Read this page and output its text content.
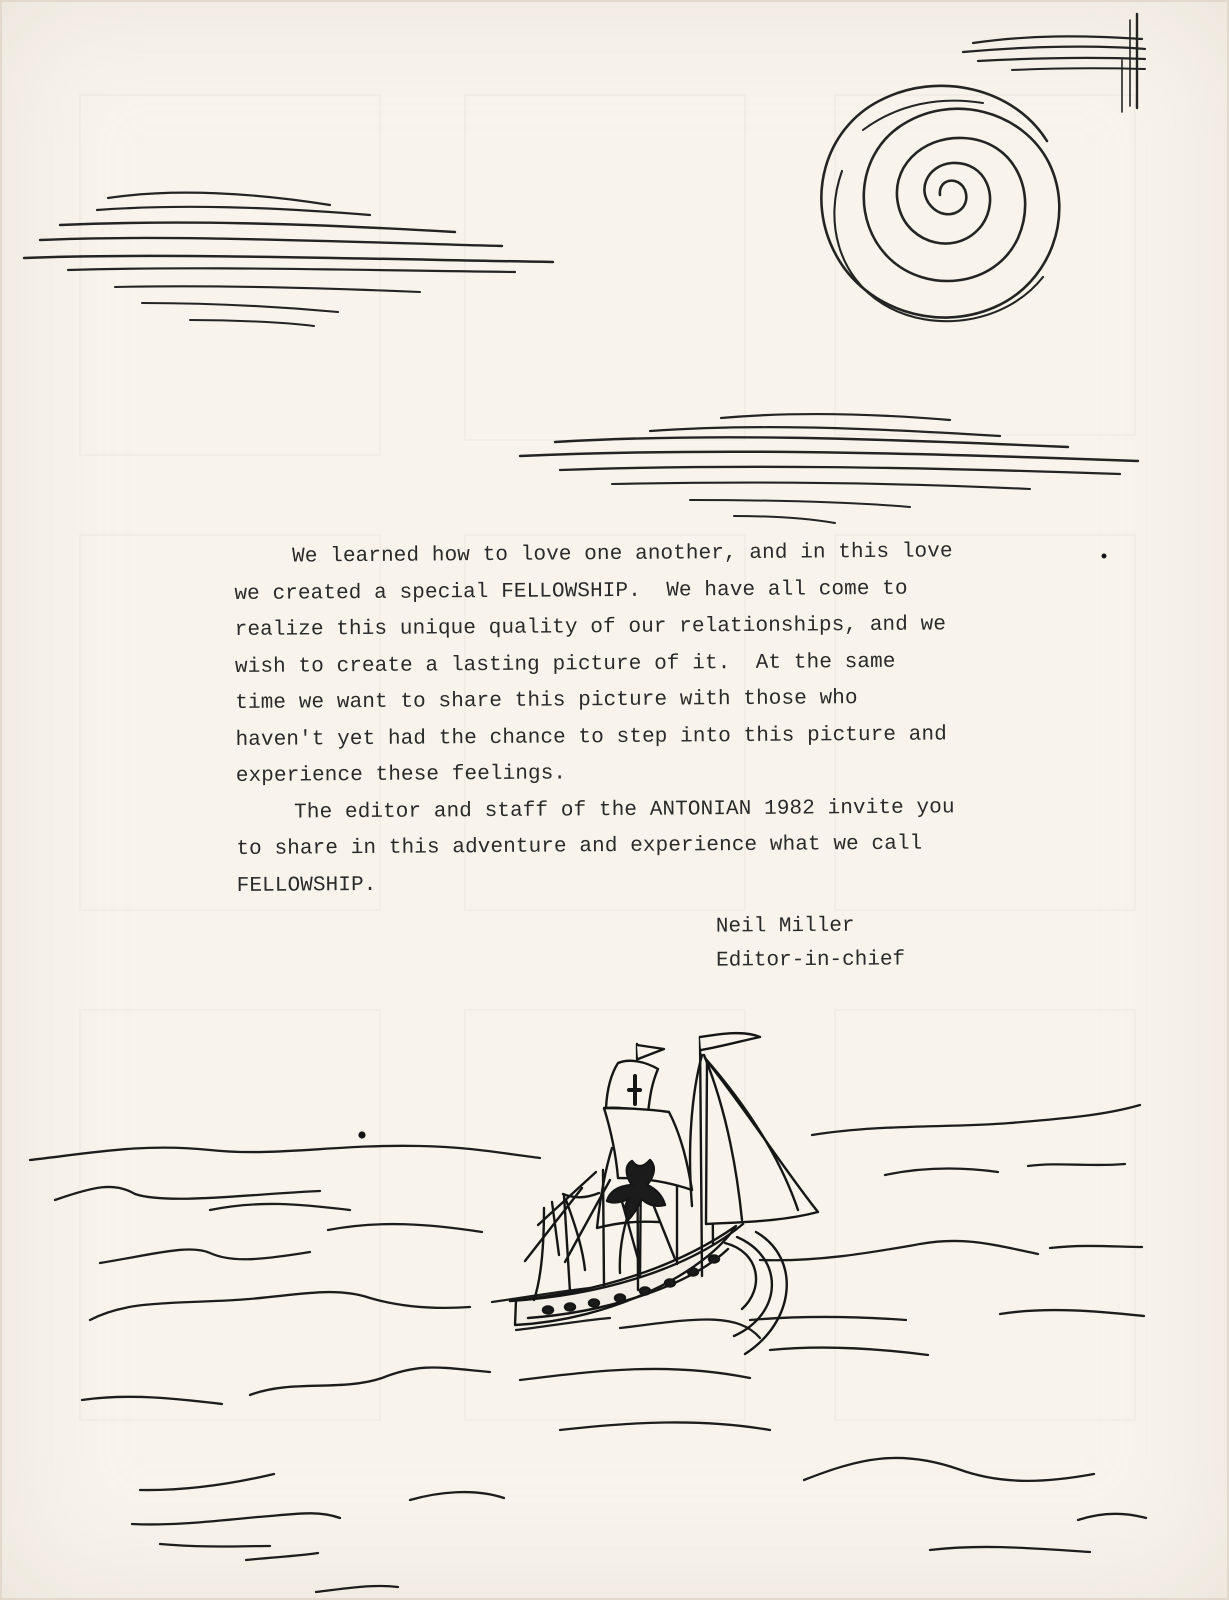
We learned how to love one another, and in this love we created a special FELLOWSHIP.  We have all come to realize this unique quality of our relationships, and we wish to create a lasting picture of it.  At the same time we want to share this picture with those who haven't yet had the chance to step into this picture and experience these feelings.

The editor and staff of the ANTONIAN 1982 invite you to share in this adventure and experience what we call FELLOWSHIP.

Neil Miller
Editor-in-chief
